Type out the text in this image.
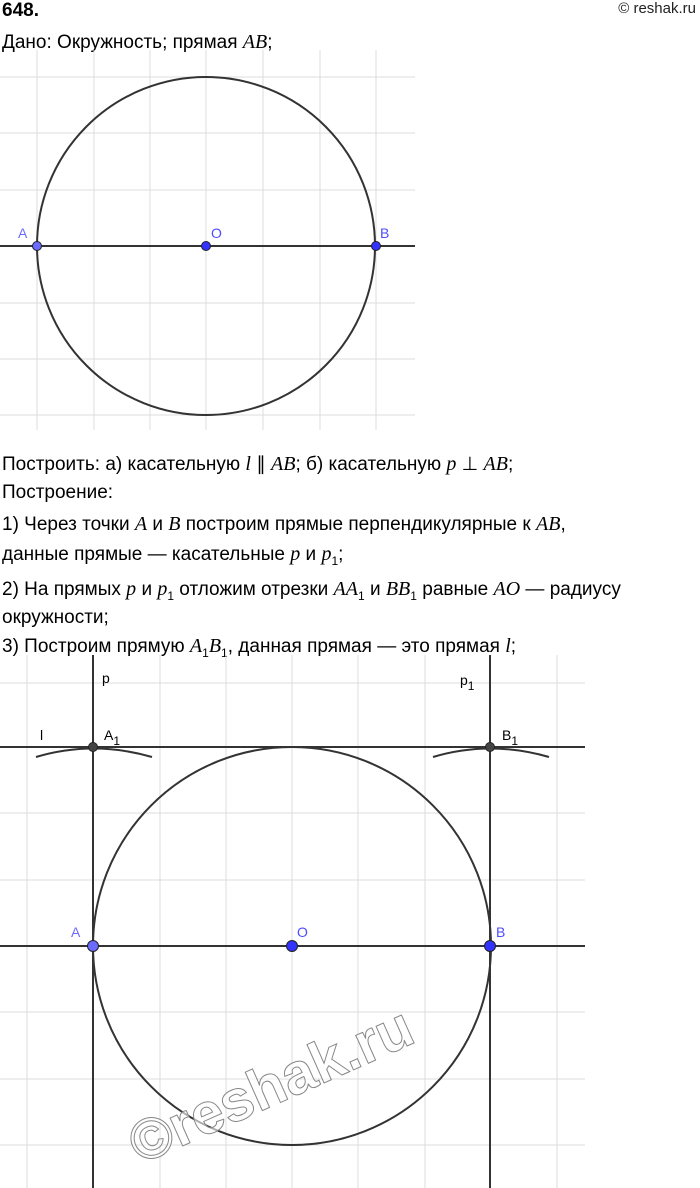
648.	© reshak.ru
Дано: Окружность; прямая AB;
A	O	B
Построить: а) касательную l ∥ AB; б) касательную p ⊥ AB;
Построение:
1) Через точки A и B построим прямые перпендикулярные к AB,
данные прямые — касательные p и $p_1$;
2) На прямых p и $p_1$ отложим отрезки $AA_1$ и $BB_1$ равные AO — радиусу
окружности;
3) Построим прямую $A_1B_1$, данная прямая — это прямая l;
p	p1
l	A1	B1
A	O	B
©reshak.ru
